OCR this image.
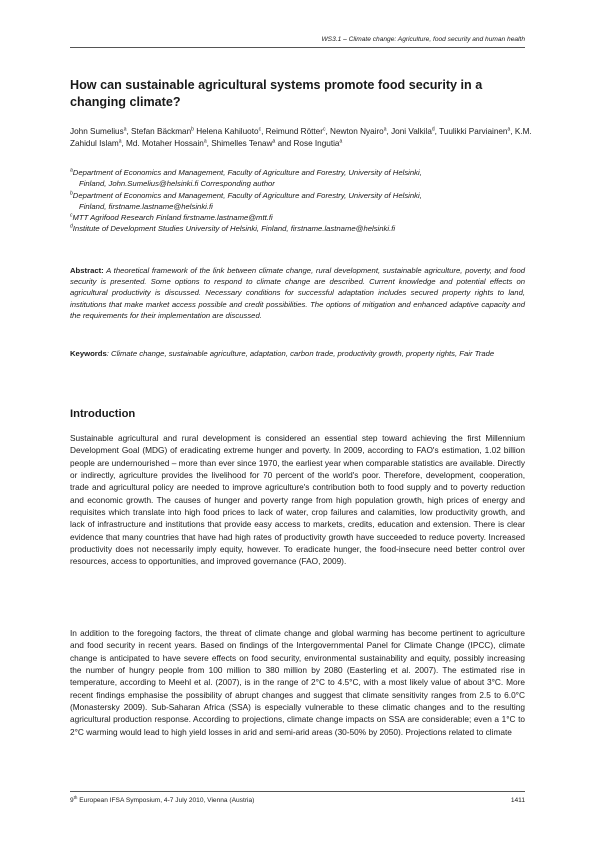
WS3.1 – Climate change: Agriculture, food security and human health
How can sustainable agricultural systems promote food security in a changing climate?
John Sumelius$^a$, Stefan Bäckman$^b$ Helena Kahiluoto$^c$, Reimund Rötter$^c$, Newton Nyairo$^a$, Joni Valkila$^d$, Tuulikki Parviainen$^a$, K.M. Zahidul Islam$^a$, Md. Motaher Hossain$^a$, Shimelles Tenaw$^a$ and Rose Ingutia$^a$

$^a$Department of Economics and Management, Faculty of Agriculture and Forestry, University of Helsinki,
Finland, John.Sumelius@helsinki.fi Corresponding author

$^b$Department of Economics and Management, Faculty of Agriculture and Forestry, University of Helsinki,
Finland, firstname.lastname@helsinki.fi

$^c$MTT Agrifood Research Finland firstname.lastname@mtt.fi

$^d$Institute of Development Studies University of Helsinki, Finland, firstname.lastname@helsinki.fi

Abstract: A theoretical framework of the link between climate change, rural development, sustainable agriculture, poverty, and food security is presented. Some options to respond to climate change are described. Current knowledge and potential effects on agricultural productivity is discussed. Necessary conditions for successful adaptation includes secured property rights to land, institutions that make market access possible and credit possibilities. The options of mitigation and enhanced adaptive capacity and the requirements for their implementation are discussed.

Keywords: Climate change, sustainable agriculture, adaptation, carbon trade, productivity growth, property rights, Fair Trade

Introduction

Sustainable agricultural and rural development is considered an essential step toward achieving the first Millennium Development Goal (MDG) of eradicating extreme hunger and poverty. In 2009, according to FAO's estimation, 1.02 billion people are undernourished – more than ever since 1970, the earliest year when comparable statistics are available. Directly or indirectly, agriculture provides the livelihood for 70 percent of the world's poor. Therefore, development, cooperation, trade and agricultural policy are needed to improve agriculture's contribution both to food supply and to poverty reduction and economic growth. The causes of hunger and poverty range from high population growth, high prices of energy and requisites which translate into high food prices to lack of water, crop failures and calamities, low productivity growth, and lack of infrastructure and institutions that provide easy access to markets, credits, education and extension. There is clear evidence that many countries that have had high rates of productivity growth have succeeded to reduce poverty. Increased productivity does not necessarily imply equity, however. To eradicate hunger, the food-insecure need better control over resources, access to opportunities, and improved governance (FAO, 2009).

In addition to the foregoing factors, the threat of climate change and global warming has become pertinent to agriculture and food security in recent years. Based on findings of the Intergovernmental Panel for Climate Change (IPCC), climate change is anticipated to have severe effects on food security, environmental sustainability and equity, possibly increasing the number of hungry people from 100 million to 380 million by 2080 (Easterling et al. 2007). The estimated rise in temperature, according to Meehl et al. (2007), is in the range of 2°C to 4.5°C, with a most likely value of about 3°C. More recent findings emphasise the possibility of abrupt changes and suggest that climate sensitivity ranges from 2.5 to 6.0°C (Monastersky 2009). Sub-Saharan Africa (SSA) is especially vulnerable to these climatic changes and to the resulting agricultural production response. According to projections, climate change impacts on SSA are considerable; even a 1°C to 2°C warming would lead to high yield losses in arid and semi-arid areas (30-50% by 2050). Projections related to climate

9th European IFSA Symposium, 4-7 July 2010, Vienna (Austria)	1411
